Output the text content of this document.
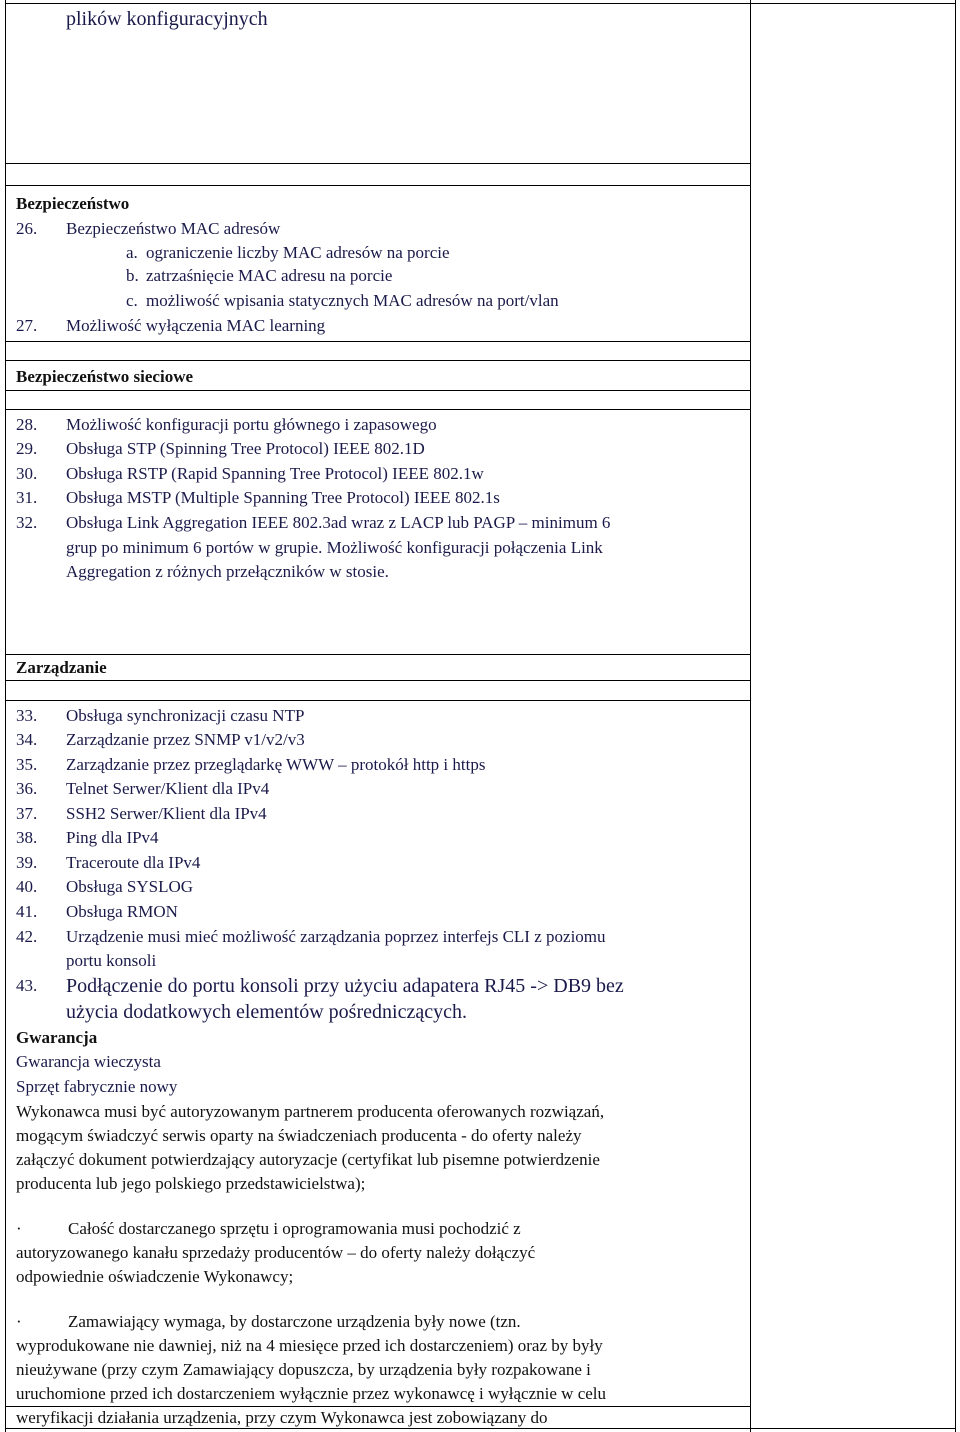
plików konfiguracyjnych
Bezpieczeństwo
26. Bezpieczeństwo MAC adresów
a. ograniczenie liczby MAC adresów na porcie
b. zatrzaśnięcie MAC adresu na porcie
c. możliwość wpisania statycznych MAC adresów na port/vlan
27. Możliwość wyłączenia MAC learning
Bezpieczeństwo sieciowe
28. Możliwość konfiguracji portu głównego i zapasowego
29. Obsługa STP (Spinning Tree Protocol) IEEE 802.1D
30. Obsługa RSTP (Rapid Spanning Tree Protocol) IEEE 802.1w
31. Obsługa MSTP (Multiple Spanning Tree Protocol) IEEE 802.1s
32. Obsługa Link Aggregation IEEE 802.3ad wraz z LACP lub PAGP – minimum 6
grup po minimum 6 portów w grupie. Możliwość konfiguracji połączenia Link
Aggregation z różnych przełączników w stosie.
Zarządzanie
33. Obsługa synchronizacji czasu NTP
34. Zarządzanie przez SNMP v1/v2/v3
35. Zarządzanie przez przeglądarkę WWW – protokół http i https
36. Telnet Serwer/Klient dla IPv4
37. SSH2 Serwer/Klient dla IPv4
38. Ping dla IPv4
39. Traceroute dla IPv4
40. Obsługa SYSLOG
41. Obsługa RMON
42. Urządzenie musi mieć możliwość zarządzania poprzez interfejs CLI z poziomu
portu konsoli
43. Podłączenie do portu konsoli przy użyciu adapatera RJ45 -> DB9 bez
użycia dodatkowych elementów pośredniczących.
Gwarancja
Gwarancja wieczysta
Sprzęt fabrycznie nowy
Wykonawca musi być autoryzowanym partnerem producenta oferowanych rozwiązań,
mogącym świadczyć serwis oparty na świadczeniach producenta - do oferty należy
załączyć dokument potwierdzający autoryzacje (certyfikat lub pisemne potwierdzenie
producenta lub jego polskiego przedstawicielstwa);
·	Całość dostarczanego sprzętu i oprogramowania musi pochodzić z
autoryzowanego kanału sprzedaży producentów – do oferty należy dołączyć
odpowiednie oświadczenie Wykonawcy;
·	Zamawiający wymaga, by dostarczone urządzenia były nowe (tzn.
wyprodukowane nie dawniej, niż na 4 miesięce przed ich dostarczeniem) oraz by były
nieużywane (przy czym Zamawiający dopuszcza, by urządzenia były rozpakowane i
uruchomione przed ich dostarczeniem wyłącznie przez wykonawcę i wyłącznie w celu
weryfikacji działania urządzenia, przy czym Wykonawca jest zobowiązany do
